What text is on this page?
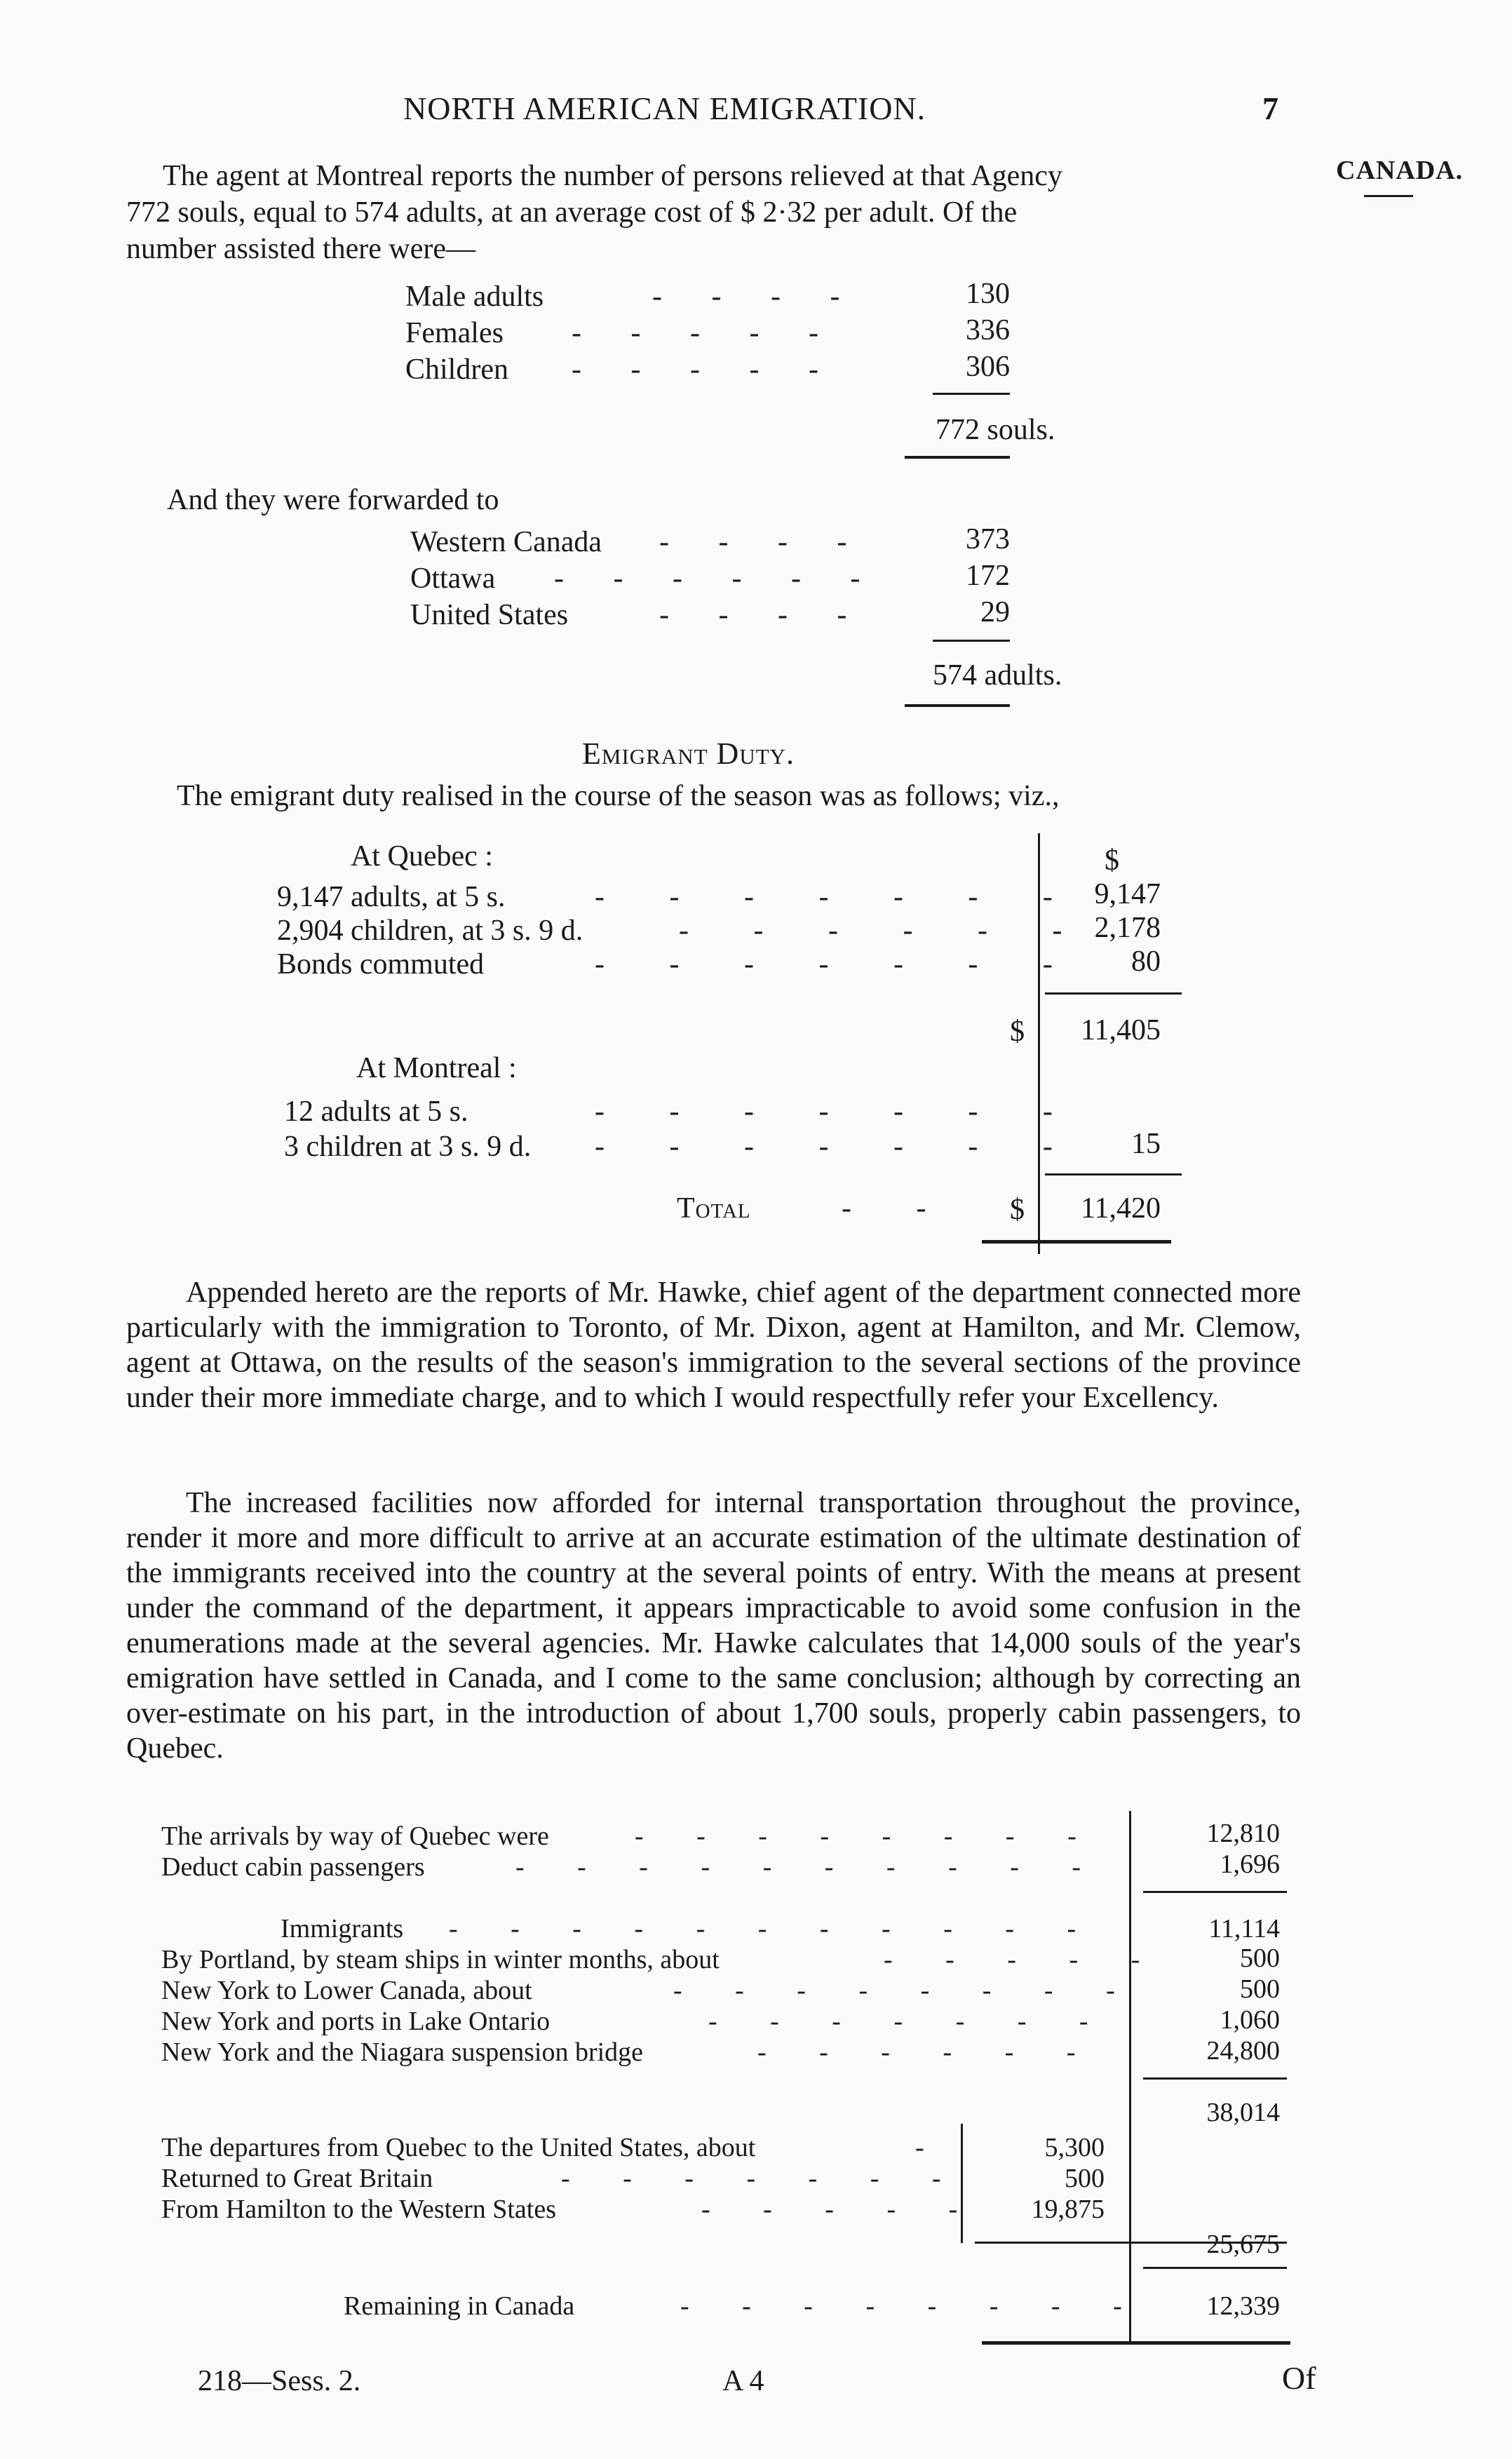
NORTH AMERICAN EMIGRATION.	7
CANADA.
The agent at Montreal reports the number of persons relieved at that Agency
772 souls, equal to 574 adults, at an average cost of $ 2·32 per adult. Of the
number assisted there were—
Male adults	- - - -	130
Females - - - - -	336
Children - - - - -	306
772 souls.
And they were forwarded to
Western Canada - - - -	373
Ottawa - - - - - -	172
United States	- - - -	29
574 adults.
Emigrant Duty.
The emigrant duty realised in the course of the season was as follows; viz.,
At Quebec :	$
9,147 adults, at 5 s.	- - - - - - - 9,147
2,904 children, at 3 s. 9 d.	- - - - - - 2,178
Bonds commuted	- - - - - - -	80
$	11,405
At Montreal :
12 adults at 5 s.	- - - - - - -
3 children at 3 s. 9 d. - - - - - - -	15
Total	- - $	11,420
Appended hereto are the reports of Mr. Hawke, chief agent of the department connected more particularly with the immigration to Toronto, of Mr. Dixon, agent at Hamilton, and Mr. Clemow, agent at Ottawa, on the results of the season's immigration to the several sections of the province under their more immediate charge, and to which I would respectfully refer your Excellency.
The increased facilities now afforded for internal transportation throughout the province, render it more and more difficult to arrive at an accurate estimation of the ultimate destination of the immigrants received into the country at the several points of entry. With the means at present under the command of the department, it appears impracticable to avoid some confusion in the enumerations made at the several agencies. Mr. Hawke calculates that 14,000 souls of the year's emigration have settled in Canada, and I come to the same conclusion; although by correcting an over-estimate on his part, in the introduction of about 1,700 souls, properly cabin passengers, to Quebec.
The arrivals by way of Quebec were	- - - - - - - -	12,810
Deduct cabin passengers	- - - - - - - - - -	1,696
Immigrants - - - - - - - - - - -	11,114
By Portland, by steam ships in winter months, about	- - - - -	500
New York to Lower Canada, about	- - - - - - - -	500
New York and ports in Lake Ontario	- - - - - - -	1,060
New York and the Niagara suspension bridge	- - - - - -	24,800
38,014
The departures from Quebec to the United States, about	-	5,300
Returned to Great Britain	- - - - - - -	500
From Hamilton to the Western States	- - - - -	19,875
25,675
Remaining in Canada	- - - - - - - -	12,339
218—Sess. 2.	A 4	Of
